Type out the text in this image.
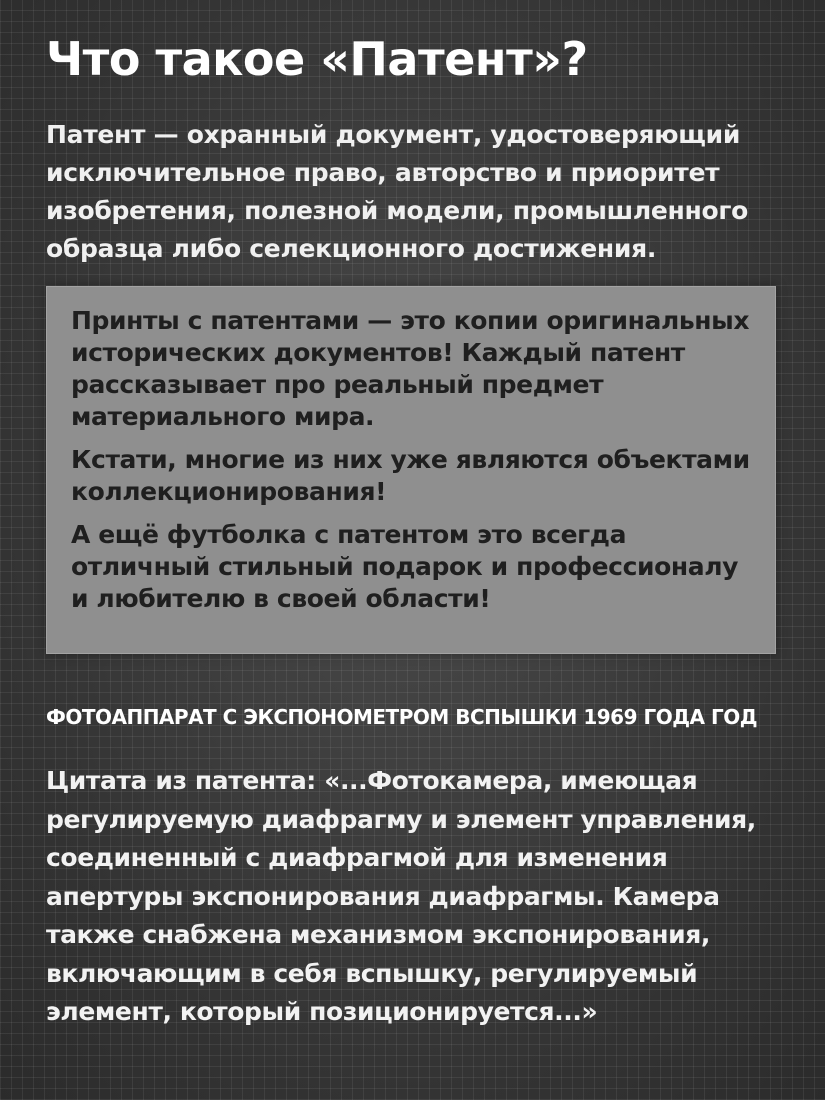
Что такое «Патент»?

Патент — охранный документ, удостоверяющий исключительное право, авторство и приоритет изобретения, полезной модели, промышленного образца либо селекционного достижения.

Принты с патентами — это копии оригинальных исторических документов! Каждый патент рассказывает про реальный предмет материального мира.

Кстати, многие из них уже являются объектами коллекционирования!

А ещё футболка с патентом это всегда отличный стильный подарок и профессионалу и любителю в своей области!

ФОТОАППАРАТ С ЭКСПОНОМЕТРОМ ВСПЫШКИ 1969 ГОДА ГОД

Цитата из патента: «...Фотокамера, имеющая регулируемую диафрагму и элемент управления, соединенный с диафрагмой для изменения апертуры экспонирования диафрагмы. Камера также снабжена механизмом экспонирования, включающим в себя вспышку, регулируемый элемент, который позиционируется...»
